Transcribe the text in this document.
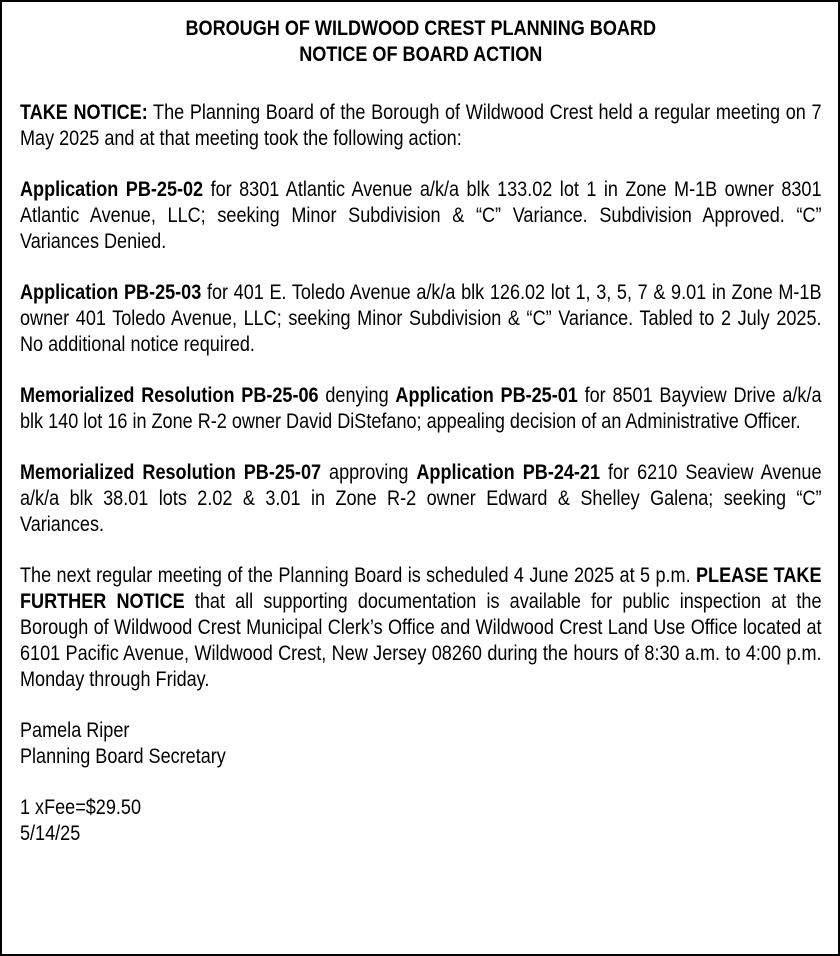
BOROUGH OF WILDWOOD CREST PLANNING BOARD

NOTICE OF BOARD ACTION

TAKE NOTICE: The Planning Board of the Borough of Wildwood Crest held a regular meeting on 7 May 2025 and at that meeting took the following action:

Application PB-25-02 for 8301 Atlantic Avenue a/k/a blk 133.02 lot 1 in Zone M-1B owner 8301 Atlantic Avenue, LLC; seeking Minor Subdivision & “C” Variance. Subdivision Approved. “C” Variances Denied.

Application PB-25-03 for 401 E. Toledo Avenue a/k/a blk 126.02 lot 1, 3, 5, 7 & 9.01 in Zone M-1B owner 401 Toledo Avenue, LLC; seeking Minor Subdivision & “C” Variance. Tabled to 2 July 2025. No additional notice required.

Memorialized Resolution PB-25-06 denying Application PB-25-01 for 8501 Bayview Drive a/k/a blk 140 lot 16 in Zone R-2 owner David DiStefano; appealing decision of an Administrative Officer.

Memorialized Resolution PB-25-07 approving Application PB-24-21 for 6210 Seaview Avenue a/k/a blk 38.01 lots 2.02 & 3.01 in Zone R-2 owner Edward & Shelley Galena; seeking “C” Variances.

The next regular meeting of the Planning Board is scheduled 4 June 2025 at 5 p.m. PLEASE TAKE FURTHER NOTICE that all supporting documentation is available for public inspection at the Borough of Wildwood Crest Municipal Clerk’s Office and Wildwood Crest Land Use Office located at 6101 Pacific Avenue, Wildwood Crest, New Jersey 08260 during the hours of 8:30 a.m. to 4:00 p.m. Monday through Friday.

Pamela Riper

Planning Board Secretary

1 xFee=$29.50

5/14/25
